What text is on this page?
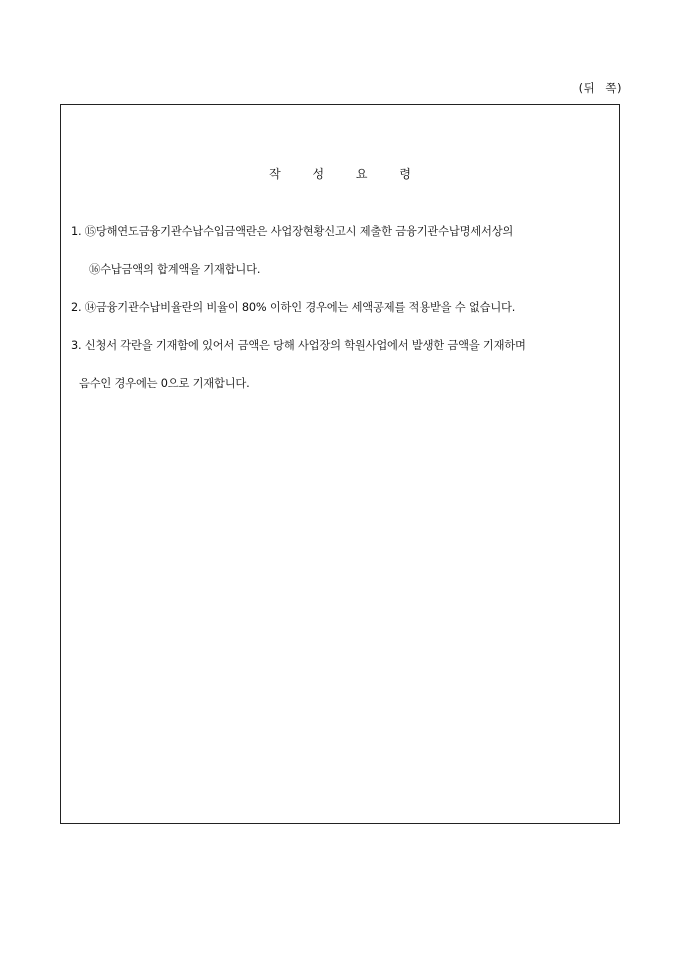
(뒤 쪽)
작 성 요 령
1. ⑮당해연도금융기관수납수입금액란은 사업장현황신고시 제출한 금융기관수납명세서상의
⑯수납금액의 합계액을 기재합니다.
2. ⑭금융기관수납비율란의 비율이 80% 이하인 경우에는 세액공제를 적용받을 수 없습니다.
3. 신청서 각란을 기재함에 있어서 금액은 당해 사업장의 학원사업에서 발생한 금액을 기재하며
음수인 경우에는 0으로 기재합니다.
